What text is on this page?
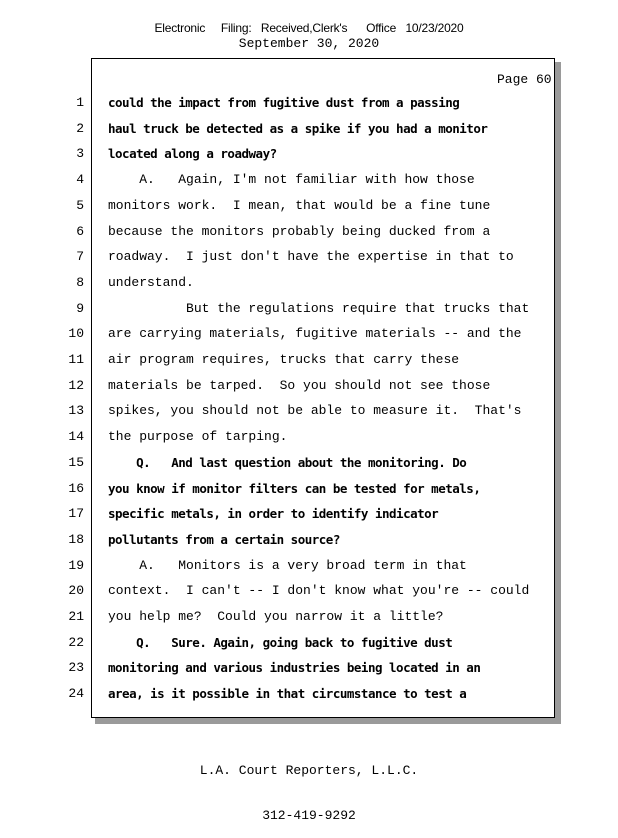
Electronic     Filing:   Received,Clerk's      Office   10/23/2020
September 30, 2020
Page 60
1 could the impact from fugitive dust from a passing
2 haul truck be detected as a spike if you had a monitor
3 located along a roadway?
4 A.   Again, I'm not familiar with how those
5 monitors work.  I mean, that would be a fine tune
6 because the monitors probably being ducked from a
7 roadway.  I just don't have the expertise in that to
8 understand.
9 But the regulations require that trucks that
10 are carrying materials, fugitive materials -- and the
11 air program requires, trucks that carry these
12 materials be tarped.  So you should not see those
13 spikes, you should not be able to measure it.  That's
14 the purpose of tarping.
15 Q.   And last question about the monitoring. Do
16 you know if monitor filters can be tested for metals,
17 specific metals, in order to identify indicator
18 pollutants from a certain source?
19 A.   Monitors is a very broad term in that
20 context.  I can't -- I don't know what you're -- could
21 you help me?  Could you narrow it a little?
22 Q.   Sure. Again, going back to fugitive dust
23 monitoring and various industries being located in an
24 area, is it possible in that circumstance to test a

L.A. Court Reporters, L.L.C.

312-419-9292
